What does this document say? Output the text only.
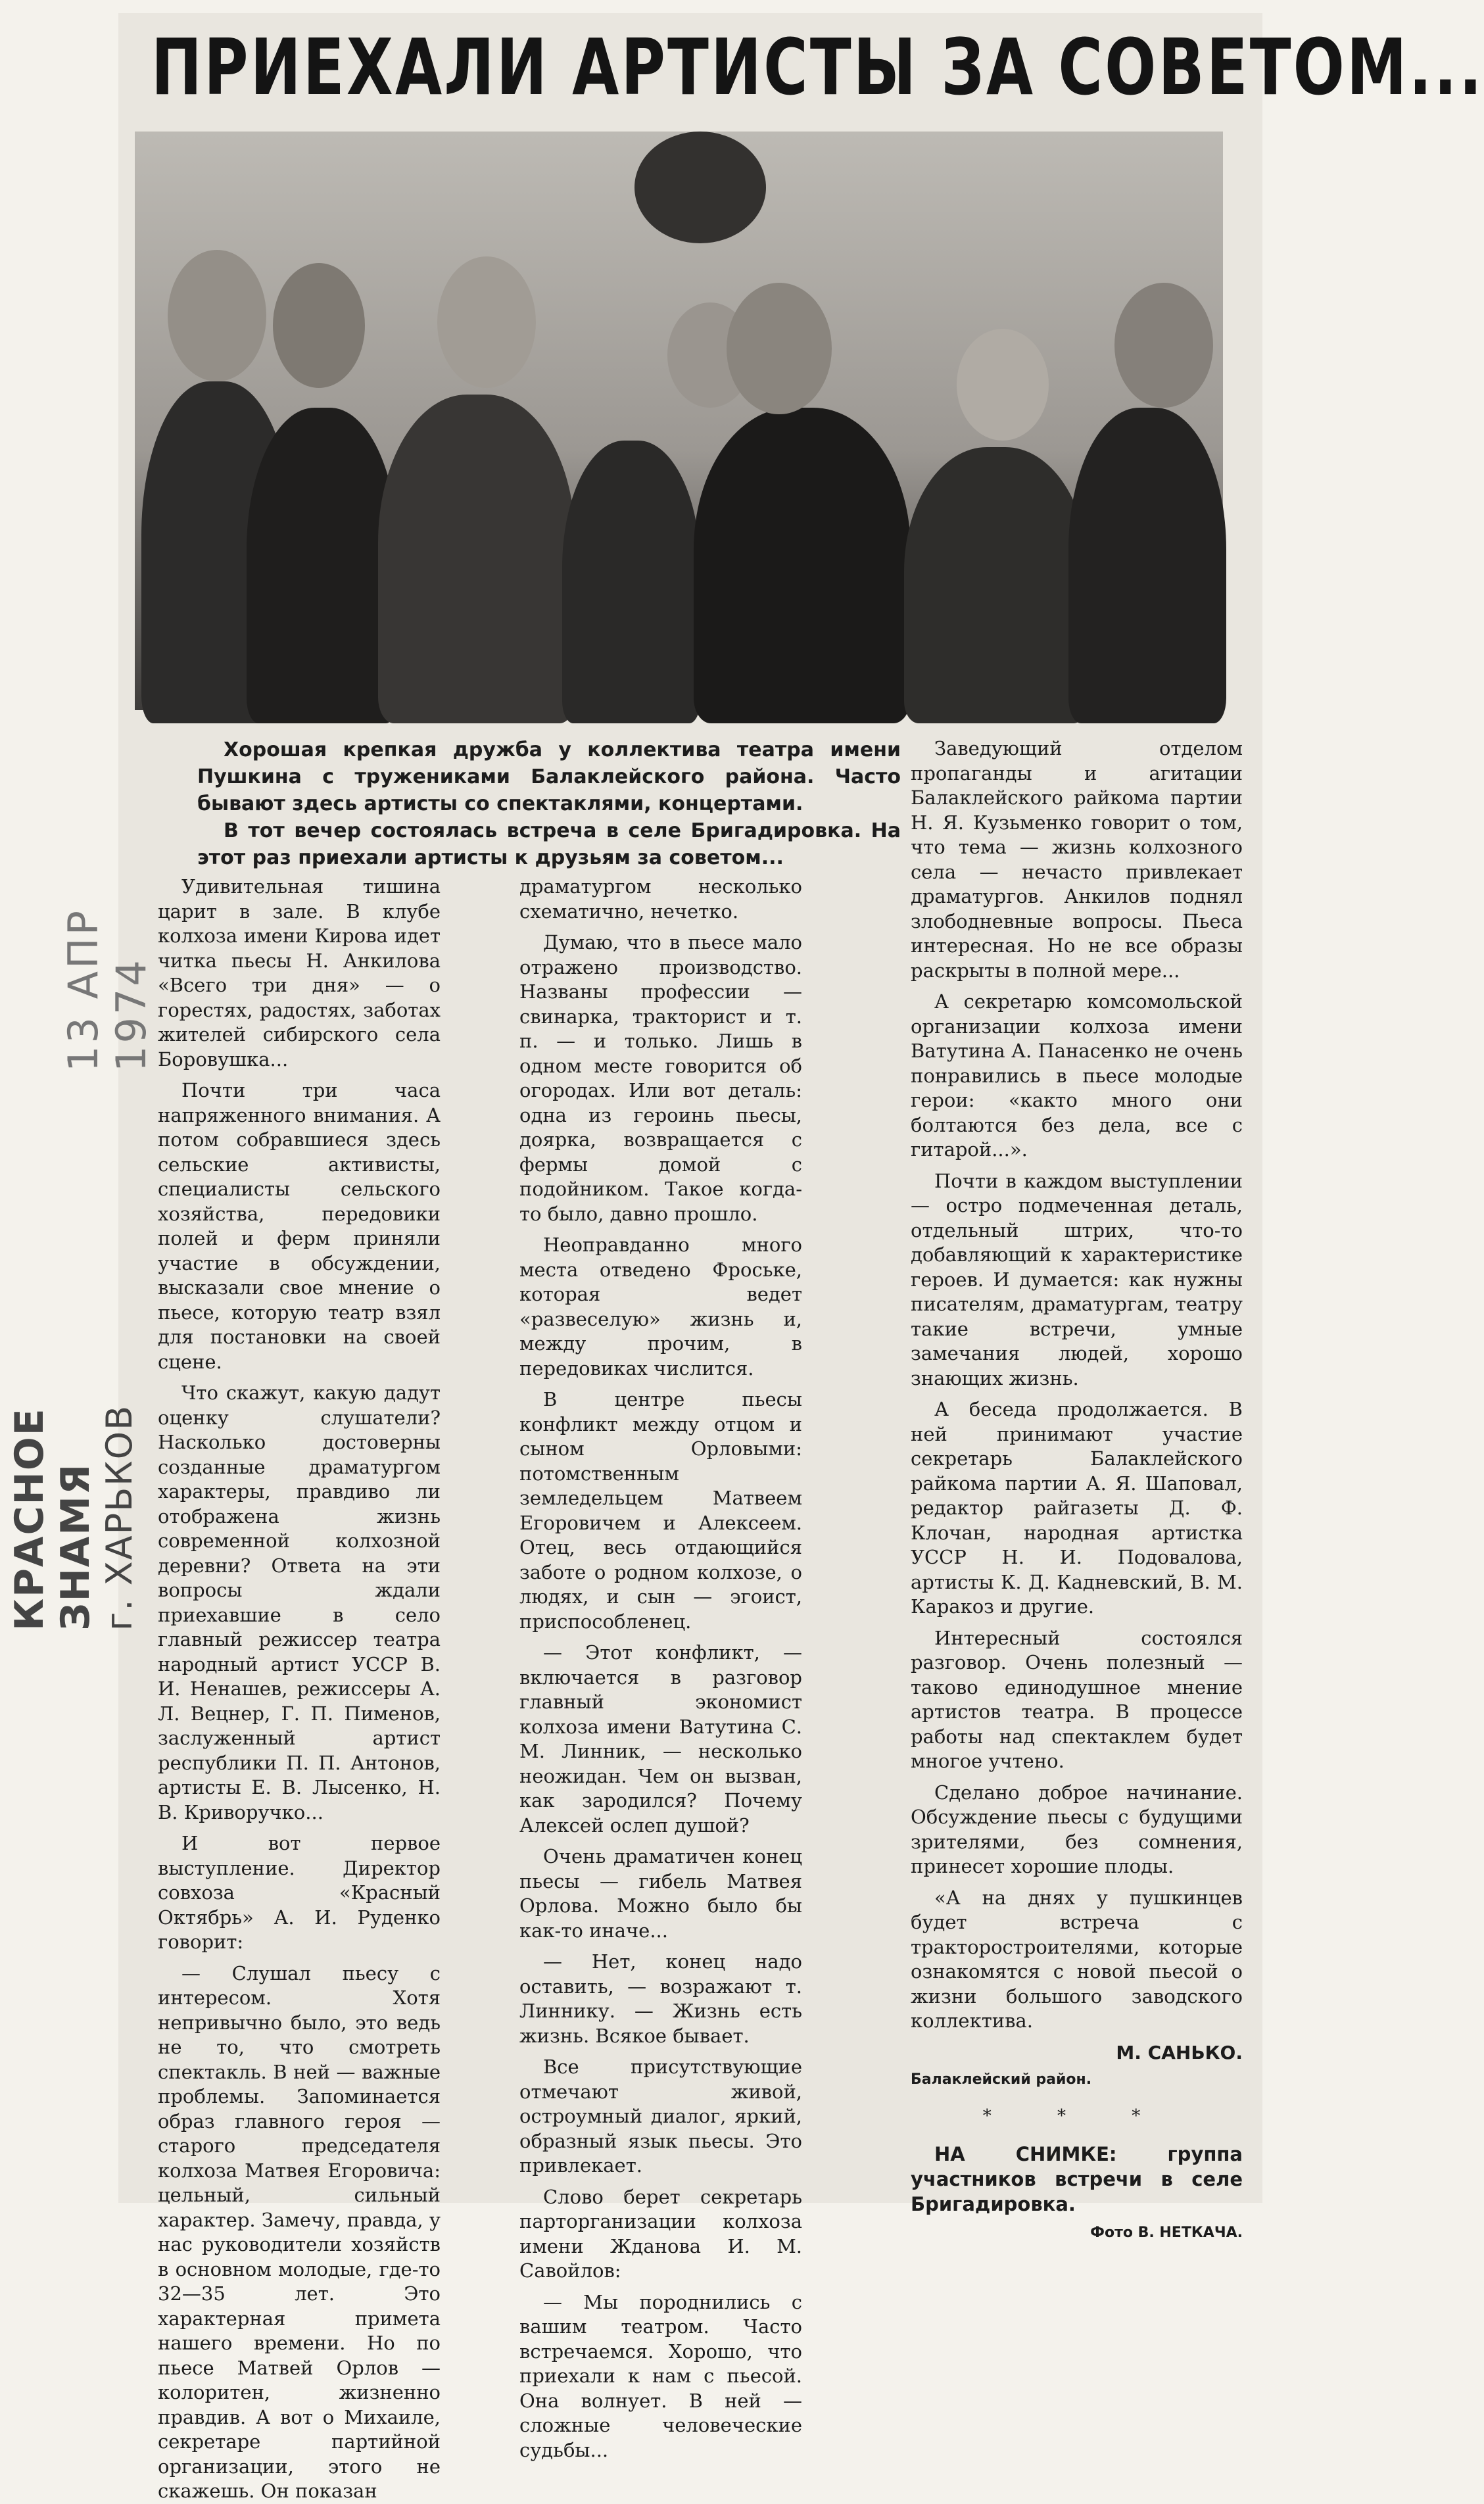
13 АПР 1974
КРАСНОЕ ЗНАМЯ
г. ХАРЬКОВ
ПРИЕХАЛИ АРТИСТЫ ЗА СОВЕТОМ...

Хорошая крепкая дружба у коллектива театра имени Пушкина с тружениками Балаклейского района. Часто бывают здесь артисты со спектаклями, концертами.

В тот вечер состоялась встреча в селе Бригадировка. На этот раз приехали артисты к друзьям за советом...

Удивительная тишина царит в зале. В клубе колхоза имени Кирова идет читка пьесы Н. Анкилова «Всего три дня» — о горестях, радостях, заботах жителей сибирского села Боровушка...

Почти три часа напряженного внимания. А потом собравшиеся здесь сельские активисты, специалисты сельского хозяйства, передовики полей и ферм приняли участие в обсуждении, высказали свое мнение о пьесе, которую театр взял для постановки на своей сцене.

Что скажут, какую дадут оценку слушатели? Насколько достоверны созданные драматургом характеры, правдиво ли отображена жизнь современной колхозной деревни? Ответа на эти вопросы ждали приехавшие в село главный режиссер театра народный артист УССР В. И. Ненашев, режиссеры А. Л. Вецнер, Г. П. Пименов, заслуженный артист республики П. П. Антонов, артисты Е. В. Лысенко, Н. В. Криворучко...

И вот первое выступление. Директор совхоза «Красный Октябрь» А. И. Руденко говорит:

— Слушал пьесу с интересом. Хотя непривычно было, это ведь не то, что смотреть спектакль. В ней — важные проблемы. Запоминается образ главного героя — старого председателя колхоза Матвея Егоровича: цельный, сильный характер. Замечу, правда, у нас руководители хозяйств в основном молодые, где-то 32—35 лет. Это характерная примета нашего времени. Но по пьесе Матвей Орлов — колоритен, жизненно правдив. А вот о Михаиле, секретаре партийной организации, этого не скажешь. Он показан

драматургом несколько схематично, нечетко.

Думаю, что в пьесе мало отражено производство. Названы профессии — свинарка, тракторист и т. п. — и только. Лишь в одном месте говорится об огородах. Или вот деталь: одна из героинь пьесы, доярка, возвращается с фермы домой с подойником. Такое когда-то было, давно прошло.

Неоправданно много места отведено Фроське, которая ведет «развеселую» жизнь и, между прочим, в передовиках числится.

В центре пьесы конфликт между отцом и сыном Орловыми: потомственным земледельцем Матвеем Егоровичем и Алексеем. Отец, весь отдающийся заботе о родном колхозе, о людях, и сын — эгоист, приспособленец.

— Этот конфликт, — включается в разговор главный экономист колхоза имени Ватутина С. М. Линник, — несколько неожидан. Чем он вызван, как зародился? Почему Алексей ослеп душой?

Очень драматичен конец пьесы — гибель Матвея Орлова. Можно было бы как-то иначе...

— Нет, конец надо оставить, — возражают т. Линнику. — Жизнь есть жизнь. Всякое бывает.

Все присутствующие отмечают живой, остроумный диалог, яркий, образный язык пьесы. Это привлекает.

Слово берет секретарь парторганизации колхоза имени Жданова И. М. Савойлов:

— Мы породнились с вашим театром. Часто встречаемся. Хорошо, что приехали к нам с пьесой. Она волнует. В ней — сложные человеческие судьбы...

Заведующий отделом пропаганды и агитации Балаклейского райкома партии Н. Я. Кузьменко говорит о том, что тема — жизнь колхозного села — нечасто привлекает драматургов. Анкилов поднял злободневные вопросы. Пьеса интересная. Но не все образы раскрыты в полной мере...

А секретарю комсомольской организации колхоза имени Ватутина А. Панасенко не очень понравились в пьесе молодые герои: «както много они болтаются без дела, все с гитарой...».

Почти в каждом выступлении — остро подмеченная деталь, отдельный штрих, что-то добавляющий к характеристике героев. И думается: как нужны писателям, драматургам, театру такие встречи, умные замечания людей, хорошо знающих жизнь.

А беседа продолжается. В ней принимают участие секретарь Балаклейского райкома партии А. Я. Шаповал, редактор райгазеты Д. Ф. Клочан, народная артистка УССР Н. И. Подовалова, артисты К. Д. Кадневский, В. М. Каракоз и другие.

Интересный состоялся разговор. Очень полезный — таково единодушное мнение артистов театра. В процессе работы над спектаклем будет многое учтено.

Сделано доброе начинание. Обсуждение пьесы с будущими зрителями, без сомнения, принесет хорошие плоды.

«А на днях у пушкинцев будет встреча с тракторостроителями, которые ознакомятся с новой пьесой о жизни большого заводского коллектива.

М. САНЬКО.
Балаклейский район.
* * *
НА СНИМКЕ:	группа участников встречи в селе Бригадировка.
Фото В. НЕТКАЧА.
